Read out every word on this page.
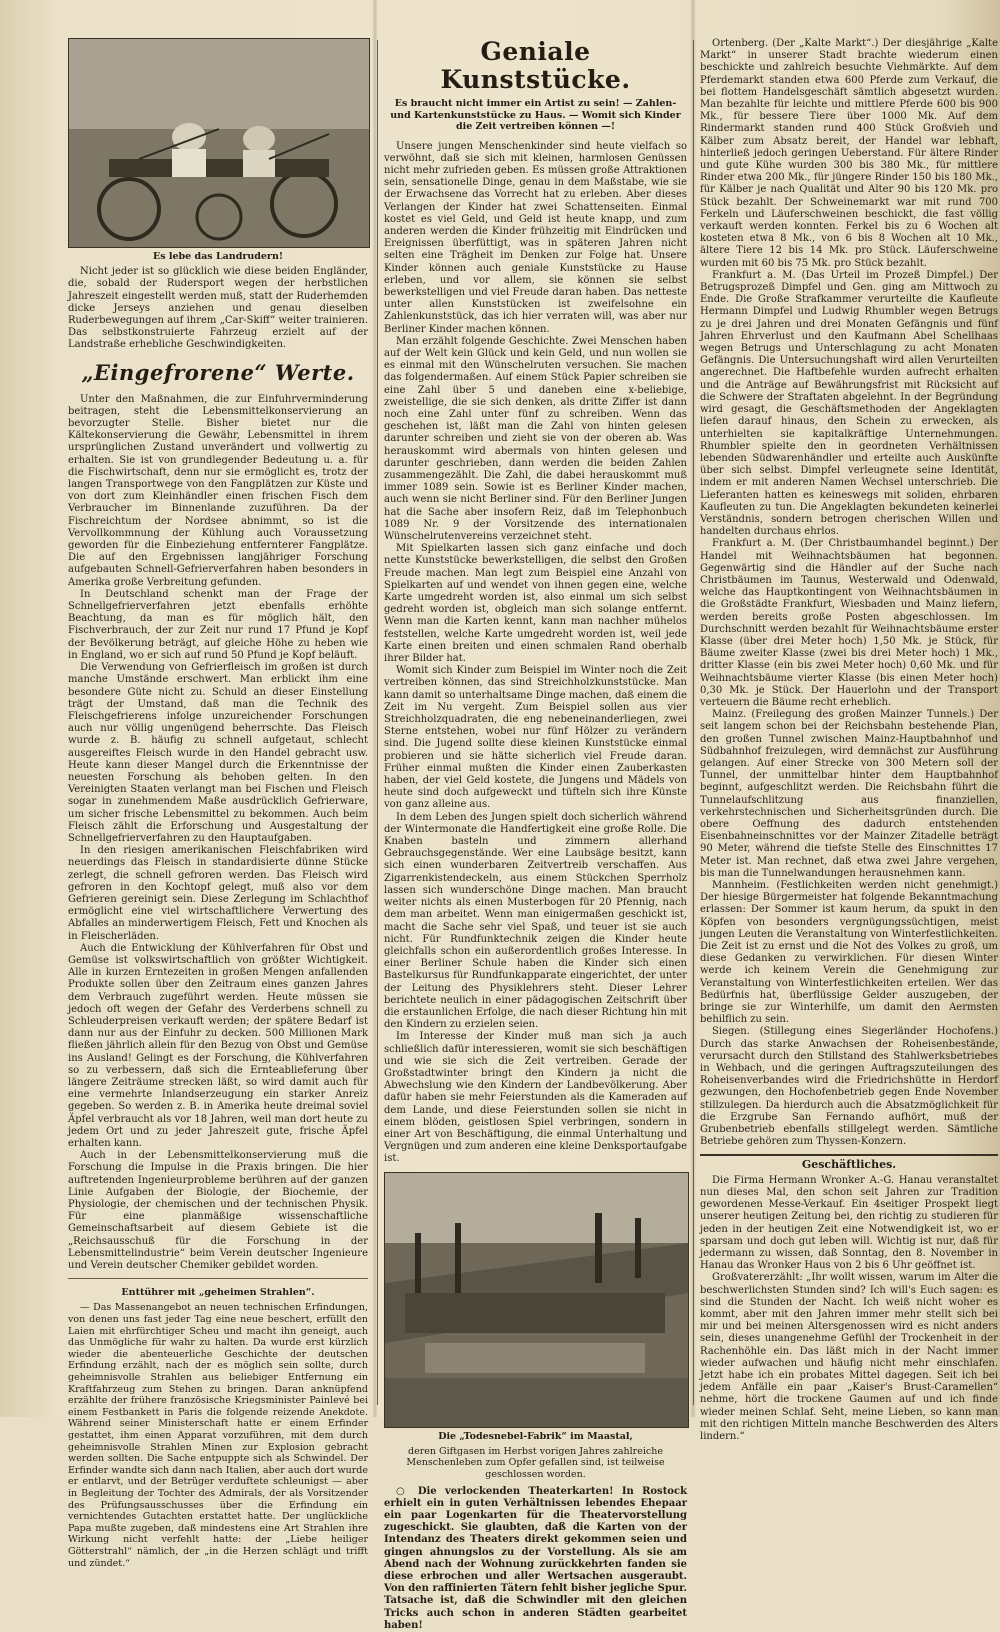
Es lebe das Landrudern!

Nicht jeder ist so glücklich wie diese beiden Engländer, die, sobald der Rudersport wegen der herbstlichen Jahreszeit eingestellt werden muß, statt der Ruderhemden dicke Jerseys anziehen und genau dieselben Ruderbewegungen auf ihrem „Car-Skiff“ weiter trainieren. Das selbstkonstruierte Fahrzeug erzielt auf der Landstraße erhebliche Geschwindigkeiten.

„Eingefrorene“ Werte.

Unter den Maßnahmen, die zur Einfuhrverminderung beitragen, steht die Lebensmittelkonservierung an bevorzugter Stelle. Bisher bietet nur die Kältekonservierung die Gewähr, Lebensmittel in ihrem ursprünglichen Zustand unverändert und vollwertig zu erhalten. Sie ist von grundlegender Bedeutung u. a. für die Fischwirtschaft, denn nur sie ermöglicht es, trotz der langen Transportwege von den Fangplätzen zur Küste und von dort zum Kleinhändler einen frischen Fisch dem Verbraucher im Binnenlande zuzuführen. Da der Fischreichtum der Nordsee abnimmt, so ist die Vervollkommnung der Kühlung auch Voraussetzung geworden für die Einbeziehung entfernterer Fangplätze. Die auf den Ergebnissen langjähriger Forschung aufgebauten Schnell-Gefrierverfahren haben besonders in Amerika große Verbreitung gefunden.

In Deutschland schenkt man der Frage der Schnellgefrierverfahren jetzt ebenfalls erhöhte Beachtung, da man es für möglich hält, den Fischverbrauch, der zur Zeit nur rund 17 Pfund je Kopf der Bevölkerung beträgt, auf gleiche Höhe zu heben wie in England, wo er sich auf rund 50 Pfund je Kopf beläuft.

Die Verwendung von Gefrierfleisch im großen ist durch manche Umstände erschwert. Man erblickt ihm eine besondere Güte nicht zu. Schuld an dieser Einstellung trägt der Umstand, daß man die Technik des Fleischgefrierens infolge unzureichender Forschungen auch nur völlig ungenügend beherrschte. Das Fleisch wurde z. B. häufig zu schnell aufgetaut, schlecht ausgereiftes Fleisch wurde in den Handel gebracht usw. Heute kann dieser Mangel durch die Erkenntnisse der neuesten Forschung als behoben gelten. In den Vereinigten Staaten verlangt man bei Fischen und Fleisch sogar in zunehmendem Maße ausdrücklich Gefrierware, um sicher frische Lebensmittel zu bekommen. Auch beim Fleisch zählt die Erforschung und Ausgestaltung der Schnellgefrierverfahren zu den Hauptaufgaben.

In den riesigen amerikanischen Fleischfabriken wird neuerdings das Fleisch in standardisierte dünne Stücke zerlegt, die schnell gefroren werden. Das Fleisch wird gefroren in den Kochtopf gelegt, muß also vor dem Gefrieren gereinigt sein. Diese Zerlegung im Schlachthof ermöglicht eine viel wirtschaftlichere Verwertung des Abfalles an minderwertigem Fleisch, Fett und Knochen als in Fleischerläden.

Auch die Entwicklung der Kühlverfahren für Obst und Gemüse ist volkswirtschaftlich von größter Wichtigkeit. Alle in kurzen Erntezeiten in großen Mengen anfallenden Produkte sollen über den Zeitraum eines ganzen Jahres dem Verbrauch zugeführt werden. Heute müssen sie jedoch oft wegen der Gefahr des Verderbens schnell zu Schleuderpreisen verkauft werden; der spätere Bedarf ist dann nur aus der Einfuhr zu decken. 500 Millionen Mark fließen jährlich allein für den Bezug von Obst und Gemüse ins Ausland! Gelingt es der Forschung, die Kühlverfahren so zu verbessern, daß sich die Ernteablieferung über längere Zeiträume strecken läßt, so wird damit auch für eine vermehrte Inlandserzeugung ein starker Anreiz gegeben. So werden z. B. in Amerika heute dreimal soviel Äpfel verbraucht als vor 18 Jahren, weil man dort heute zu jedem Ort und zu jeder Jahreszeit gute, frische Äpfel erhalten kann.

Auch in der Lebensmittelkonservierung muß die Forschung die Impulse in die Praxis bringen. Die hier auftretenden Ingenieurprobleme berühren auf der ganzen Linie Aufgaben der Biologie, der Biochemie, der Physiologie, der chemischen und der technischen Physik. Für eine planmäßige wissenschaftliche Gemeinschaftsarbeit auf diesem Gebiete ist die „Reichsausschuß für die Forschung in der Lebensmittelindustrie“ beim Verein deutscher Ingenieure und Verein deutscher Chemiker gebildet worden.

Enttührer mit „geheimen Strahlen“.

— Das Massenangebot an neuen technischen Erfindungen, von denen uns fast jeder Tag eine neue beschert, erfüllt den Laien mit ehrfürchtiger Scheu und macht ihn geneigt, auch das Unmögliche für wahr zu halten. Da wurde erst kürzlich wieder die abenteuerliche Geschichte der deutschen Erfindung erzählt, nach der es möglich sein sollte, durch geheimnisvolle Strahlen aus beliebiger Entfernung ein Kraftfahrzeug zum Stehen zu bringen. Daran anknüpfend erzählte der frühere französische Kriegsminister Painlevé bei einem Festbankett in Paris die folgende reizende Anekdote. Während seiner Ministerschaft hatte er einem Erfinder gestattet, ihm einen Apparat vorzuführen, mit dem durch geheimnisvolle Strahlen Minen zur Explosion gebracht werden sollten. Die Sache entpuppte sich als Schwindel. Der Erfinder wandte sich dann nach Italien, aber auch dort wurde er entlarvt, und der Betrüger verduftete schleunigst — aber in Begleitung der Tochter des Admirals, der als Vorsitzender des Prüfungsausschusses über die Erfindung ein vernichtendes Gutachten erstattet hatte. Der unglückliche Papa mußte zugeben, daß mindestens eine Art Strahlen ihre Wirkung nicht verfehlt hatte: der „Liebe heiliger Götterstrahl“ nämlich, der „in die Herzen schlägt und trifft und zündet.“

Geniale Kunststücke.
Es braucht nicht immer ein Artist zu sein! — Zahlen- und Kartenkunststücke zu Haus. — Womit sich Kinder die Zeit vertreiben können —!

Unsere jungen Menschenkinder sind heute vielfach so verwöhnt, daß sie sich mit kleinen, harmlosen Genüssen nicht mehr zufrieden geben. Es müssen große Attraktionen sein, sensationelle Dinge, genau in dem Maßstabe, wie sie der Erwachsene das Vorrecht hat zu erleben. Aber dieses Verlangen der Kinder hat zwei Schattenseiten. Einmal kostet es viel Geld, und Geld ist heute knapp, und zum anderen werden die Kinder frühzeitig mit Eindrücken und Ereignissen überfüttigt, was in späteren Jahren nicht selten eine Trägheit im Denken zur Folge hat. Unsere Kinder können auch geniale Kunststücke zu Hause erleben, und vor allem, sie können sie selbst bewerkstelligen und viel Freude daran haben. Das netteste unter allen Kunststücken ist zweifelsohne ein Zahlenkunststück, das ich hier verraten will, was aber nur Berliner Kinder machen können.

Man erzählt folgende Geschichte. Zwei Menschen haben auf der Welt kein Glück und kein Geld, und nun wollen sie es einmal mit den Wünschelruten versuchen. Sie machen das folgendermaßen. Auf einem Stück Papier schreiben sie eine Zahl über 5 und daneben eine x-beliebige, zweistellige, die sie sich denken, als dritte Ziffer ist dann noch eine Zahl unter fünf zu schreiben. Wenn das geschehen ist, läßt man die Zahl von hinten gelesen darunter schreiben und zieht sie von der oberen ab. Was herauskommt wird abermals von hinten gelesen und darunter geschrieben, dann werden die beiden Zahlen zusammengezählt. Die Zahl, die dabei herauskommt muß immer 1089 sein. Sowie ist es Berliner Kinder machen, auch wenn sie nicht Berliner sind. Für den Berliner Jungen hat die Sache aber insofern Reiz, daß im Telephonbuch 1089 Nr. 9 der Vorsitzende des internationalen Wünschelrutenvereins verzeichnet steht.

Mit Spielkarten lassen sich ganz einfache und doch nette Kunststücke bewerkstelligen, die selbst den Großen Freude machen. Man legt zum Beispiel eine Anzahl von Spielkarten auf und wendet von ihnen gegen eine, welche Karte umgedreht worden ist, also einmal um sich selbst gedreht worden ist, obgleich man sich solange entfernt. Wenn man die Karten kennt, kann man nachher mühelos feststellen, welche Karte umgedreht worden ist, weil jede Karte einen breiten und einen schmalen Rand oberhalb ihrer Bilder hat.

Womit sich Kinder zum Beispiel im Winter noch die Zeit vertreiben können, das sind Streichholzkunststücke. Man kann damit so unterhaltsame Dinge machen, daß einem die Zeit im Nu vergeht. Zum Beispiel sollen aus vier Streichholzquadraten, die eng nebeneinanderliegen, zwei Sterne entstehen, wobei nur fünf Hölzer zu verändern sind. Die Jugend sollte diese kleinen Kunststücke einmal probieren und sie hätte sicherlich viel Freude daran. Früher einmal mußten die Kinder einen Zauberkasten haben, der viel Geld kostete, die Jungens und Mädels von heute sind doch aufgeweckt und tüfteln sich ihre Künste von ganz alleine aus.

In dem Leben des Jungen spielt doch sicherlich während der Wintermonate die Handfertigkeit eine große Rolle. Die Knaben basteln und zimmern allerhand Gebrauchsgegenstände. Wer eine Laubsäge besitzt, kann sich einen wunderbaren Zeitvertreib verschaffen. Aus Zigarrenkistendeckeln, aus einem Stückchen Sperrholz lassen sich wunderschöne Dinge machen. Man braucht weiter nichts als einen Musterbogen für 20 Pfennig, nach dem man arbeitet. Wenn man einigermaßen geschickt ist, macht die Sache sehr viel Spaß, und teuer ist sie auch nicht. Für Rundfunktechnik zeigen die Kinder heute gleichfalls schon ein außerordentlich großes Interesse. In einer Berliner Schule haben die Kinder sich einen Bastelkursus für Rundfunkapparate eingerichtet, der unter der Leitung des Physiklehrers steht. Dieser Lehrer berichtete neulich in einer pädagogischen Zeitschrift über die erstaunlichen Erfolge, die nach dieser Richtung hin mit den Kindern zu erzielen seien.

Im Interesse der Kinder muß man sich ja auch schließlich dafür interessieren, womit sie sich beschäftigen und wie sie sich die Zeit vertreiben. Gerade der Großstadtwinter bringt den Kindern ja nicht die Abwechslung wie den Kindern der Landbevölkerung. Aber dafür haben sie mehr Feierstunden als die Kameraden auf dem Lande, und diese Feierstunden sollen sie nicht in einem blöden, geistlosen Spiel verbringen, sondern in einer Art von Beschäftigung, die einmal Unterhaltung und Vergnügen und zum anderen eine kleine Denksportaufgabe ist.

Die „Todesnebel-Fabrik“ im Maastal,

deren Giftgasen im Herbst vorigen Jahres zahlreiche Menschenleben zum Opfer gefallen sind, ist teilweise geschlossen worden.

○ Die verlockenden Theaterkarten! In Rostock erhielt ein in guten Verhältnissen lebendes Ehepaar ein paar Logenkarten für die Theatervorstellung zugeschickt. Sie glaubten, daß die Karten von der Intendanz des Theaters direkt gekommen seien und gingen ahnungslos zu der Vorstellung. Als sie am Abend nach der Wohnung zurückkehrten fanden sie diese erbrochen und aller Wertsachen ausgeraubt. Von den raffinierten Tätern fehlt bisher jegliche Spur. Tatsache ist, daß die Schwindler mit den gleichen Tricks auch schon in anderen Städten gearbeitet haben!

Ortenberg. (Der „Kalte Markt“.) Der diesjährige „Kalte Markt“ in unserer Stadt brachte wiederum einen beschickte und zahlreich besuchte Viehmärkte. Auf dem Pferdemarkt standen etwa 600 Pferde zum Verkauf, die bei flottem Handelsgeschäft sämtlich abgesetzt wurden. Man bezahlte für leichte und mittlere Pferde 600 bis 900 Mk., für bessere Tiere über 1000 Mk. Auf dem Rindermarkt standen rund 400 Stück Großvieh und Kälber zum Absatz bereit, der Handel war lebhaft, hinterließ jedoch geringen Ueberstand. Für ältere Rinder und gute Kühe wurden 300 bis 380 Mk., für mittlere Rinder etwa 200 Mk., für jüngere Rinder 150 bis 180 Mk., für Kälber je nach Qualität und Alter 90 bis 120 Mk. pro Stück bezahlt. Der Schweinemarkt war mit rund 700 Ferkeln und Läuferschweinen beschickt, die fast völlig verkauft werden konnten. Ferkel bis zu 6 Wochen alt kosteten etwa 8 Mk., von 6 bis 8 Wochen alt 10 Mk., ältere Tiere 12 bis 14 Mk. pro Stück. Läuferschweine wurden mit 60 bis 75 Mk. pro Stück bezahlt.

Frankfurt a. M. (Das Urteil im Prozeß Dimpfel.) Der Betrugsprozeß Dimpfel und Gen. ging am Mittwoch zu Ende. Die Große Strafkammer verurteilte die Kaufleute Hermann Dimpfel und Ludwig Rhumbler wegen Betrugs zu je drei Jahren und drei Monaten Gefängnis und fünf Jahren Ehrverlust und den Kaufmann Abel Schellhaas wegen Betrugs und Unterschlagung zu acht Monaten Gefängnis. Die Untersuchungshaft wird allen Verurteilten angerechnet. Die Haftbefehle wurden aufrecht erhalten und die Anträge auf Bewährungsfrist mit Rücksicht auf die Schwere der Straftaten abgelehnt. In der Begründung wird gesagt, die Geschäftsmethoden der Angeklagten liefen darauf hinaus, den Schein zu erwecken, als unterhielten sie kapitalkräftige Unternehmungen. Rhumbler spielte den in geordneten Verhältnissen lebenden Südwarenhändler und erteilte auch Auskünfte über sich selbst. Dimpfel verleugnete seine Identität, indem er mit anderen Namen Wechsel unterschrieb. Die Lieferanten hatten es keineswegs mit soliden, ehrbaren Kaufleuten zu tun. Die Angeklagten bekundeten keinerlei Verständnis, sondern betrogen cherischen Willen und handelten durchaus ehrlos.

Frankfurt a. M. (Der Christbaumhandel beginnt.) Der Handel mit Weihnachtsbäumen hat begonnen. Gegenwärtig sind die Händler auf der Suche nach Christbäumen im Taunus, Westerwald und Odenwald, welche das Hauptkontingent von Weihnachtsbäumen in die Großstädte Frankfurt, Wiesbaden und Mainz liefern, werden bereits große Posten abgeschlossen. Im Durchschnitt werden bezahlt für Weihnachtsbäume erster Klasse (über drei Meter hoch) 1,50 Mk. je Stück, für Bäume zweiter Klasse (zwei bis drei Meter hoch) 1 Mk., dritter Klasse (ein bis zwei Meter hoch) 0,60 Mk. und für Weihnachtsbäume vierter Klasse (bis einen Meter hoch) 0,30 Mk. je Stück. Der Hauerlohn und der Transport verteuern die Bäume recht erheblich.

Mainz. (Freilegung des großen Mainzer Tunnels.) Der seit langem schon bei der Reichsbahn bestehende Plan, den großen Tunnel zwischen Mainz-Hauptbahnhof und Südbahnhof freizulegen, wird demnächst zur Ausführung gelangen. Auf einer Strecke von 300 Metern soll der Tunnel, der unmittelbar hinter dem Hauptbahnhof beginnt, aufgeschlitzt werden. Die Reichsbahn führt die Tunnelaufschlitzung aus finanziellen, verkehrstechnischen und Sicherheitsgründen durch. Die obere Oeffnung des dadurch entstehenden Eisenbahneinschnittes vor der Mainzer Zitadelle beträgt 90 Meter, während die tiefste Stelle des Einschnittes 17 Meter ist. Man rechnet, daß etwa zwei Jahre vergehen, bis man die Tunnelwandungen herausnehmen kann.

Mannheim. (Festlichkeiten werden nicht genehmigt.) Der hiesige Bürgermeister hat folgende Bekanntmachung erlassen: Der Sommer ist kaum herum, da spukt in den Köpfen von besonders vergnügungssüchtigen, meist jungen Leuten die Veranstaltung von Winterfestlichkeiten. Die Zeit ist zu ernst und die Not des Volkes zu groß, um diese Gedanken zu verwirklichen. Für diesen Winter werde ich keinem Verein die Genehmigung zur Veranstaltung von Winterfestlichkeiten erteilen. Wer das Bedürfnis hat, überflüssige Gelder auszugeben, der bringe sie zur Winterhilfe, um damit den Aermsten behilflich zu sein.

Siegen. (Stillegung eines Siegerländer Hochofens.) Durch das starke Anwachsen der Roheisenbestände, verursacht durch den Stillstand des Stahlwerksbetriebes in Wehbach, und die geringen Auftragszuteilungen des Roheisenverbandes wird die Friedrichshütte in Herdorf gezwungen, den Hochofenbetrieb gegen Ende November stillzulegen. Da hierdurch auch die Absatzmöglichkeit für die Erzgrube San Fernando aufhört, muß der Grubenbetrieb ebenfalls stillgelegt werden. Sämtliche Betriebe gehören zum Thyssen-Konzern.

Geschäftliches.

Die Firma Hermann Wronker A.-G. Hanau veranstaltet nun dieses Mal, den schon seit Jahren zur Tradition gewordenen Messe-Verkauf. Ein 4seitiger Prospekt liegt unserer heutigen Zeitung bei, den richtig zu studieren für jeden in der heutigen Zeit eine Notwendigkeit ist, wo er sparsam und doch gut leben will. Wichtig ist nur, daß für jedermann zu wissen, daß Sonntag, den 8. November in Hanau das Wronker Haus von 2 bis 6 Uhr geöffnet ist.

Großvatererzählt: „Ihr wollt wissen, warum im Alter die beschwerlichsten Stunden sind? Ich will's Euch sagen: es sind die Stunden der Nacht. Ich weiß nicht woher es kommt, aber mit den Jahren immer mehr stellt sich bei mir und bei meinen Altersgenossen wird es nicht anders sein, dieses unangenehme Gefühl der Trockenheit in der Rachenhöhle ein. Das läßt mich in der Nacht immer wieder aufwachen und häufig nicht mehr einschlafen. Jetzt habe ich ein probates Mittel dagegen. Seit ich bei jedem Anfälle ein paar „Kaiser's Brust-Caramellen“ nehme, hört die trockene Gaumen auf und ich finde wieder meinen Schlaf. Seht, meine Lieben, so kann man mit den richtigen Mitteln manche Beschwerden des Alters lindern.“
